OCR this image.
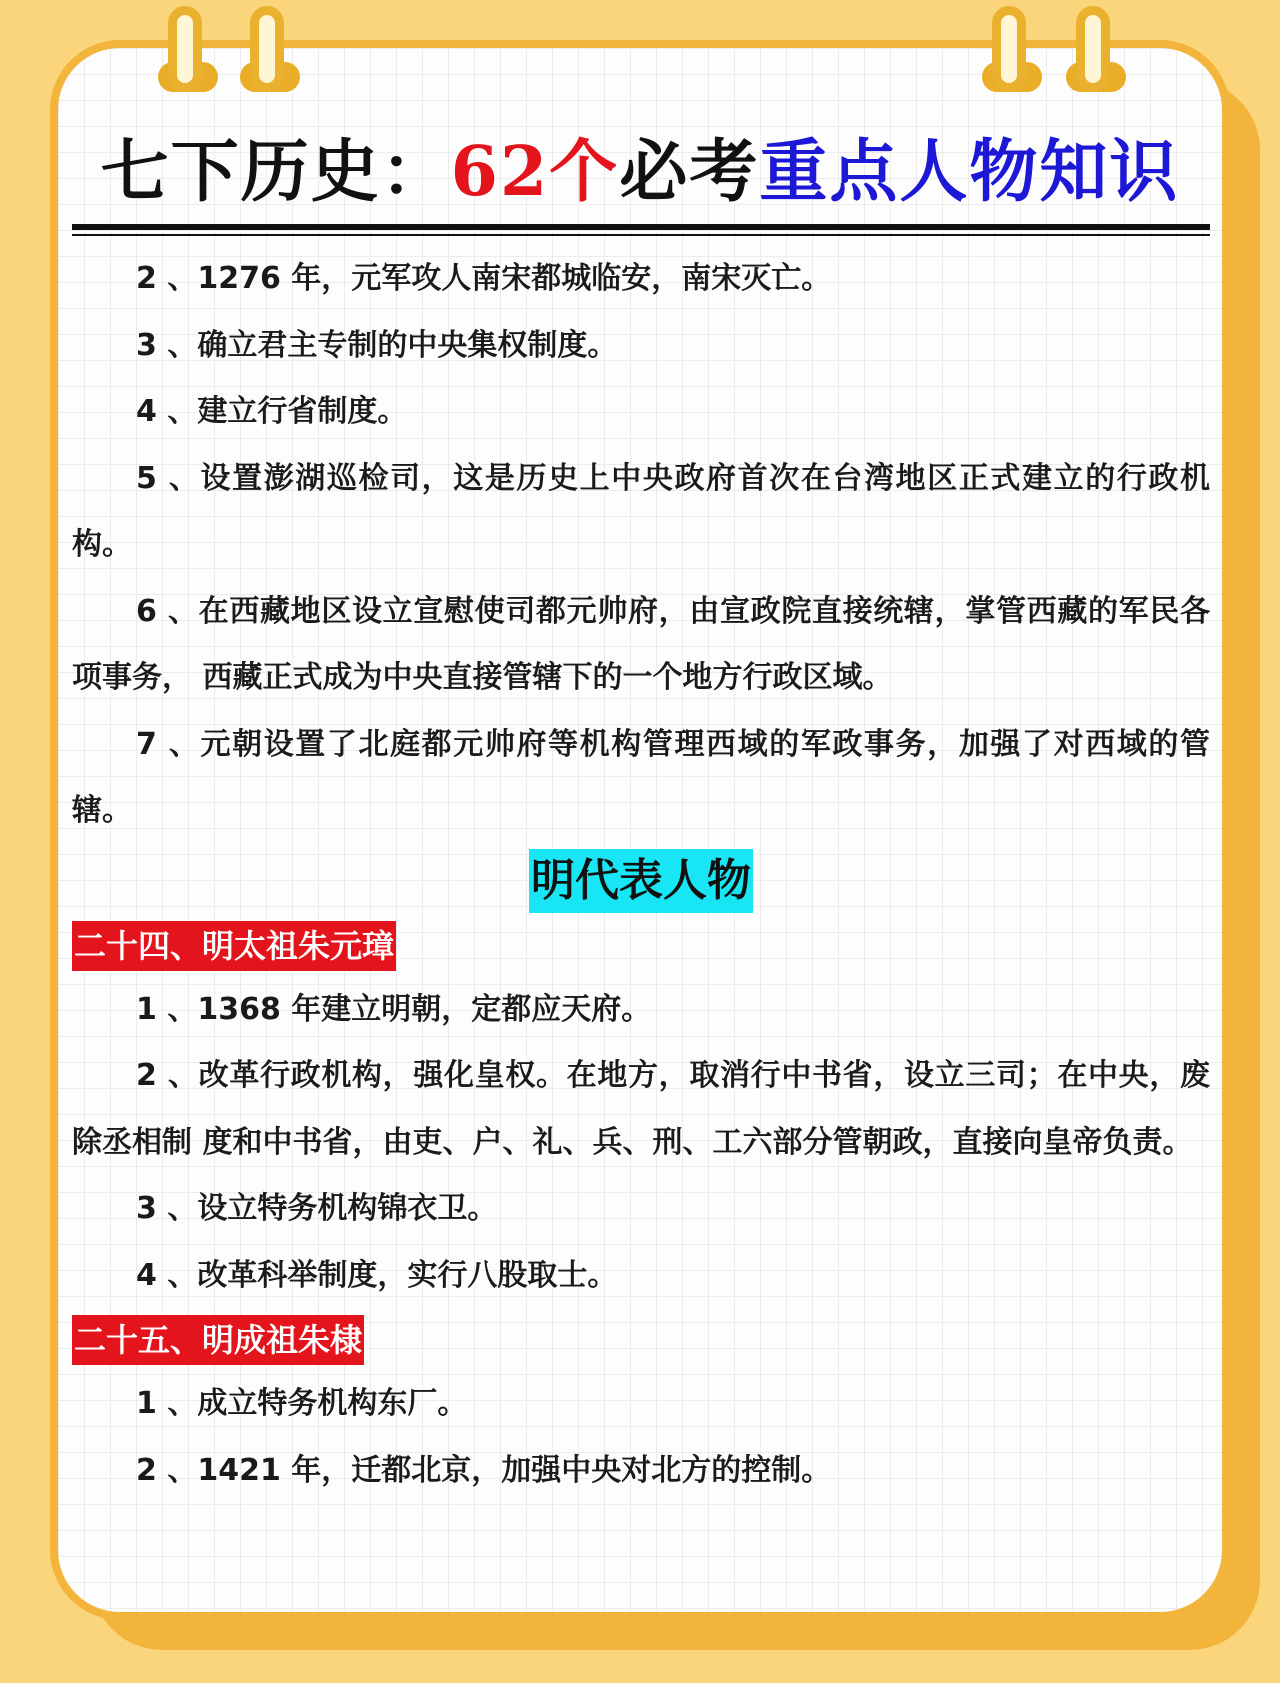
七下历史：62个必考重点人物知识

2 、1276 年，元军攻人南宋都城临安，南宋灭亡。

3 、确立君主专制的中央集权制度。

4 、建立行省制度。

5 、设置澎湖巡检司，这是历史上中央政府首次在台湾地区正式建立的行政机构。

6 、在西藏地区设立宣慰使司都元帅府，由宣政院直接统辖，掌管西藏的军民各项事务， 西藏正式成为中央直接管辖下的一个地方行政区域。

7 、元朝设置了北庭都元帅府等机构管理西域的军政事务，加强了对西域的管辖。

明代表人物

二十四、明太祖朱元璋

1 、1368 年建立明朝，定都应天府。

2 、改革行政机构，强化皇权。在地方，取消行中书省，设立三司；在中央，废除丞相制 度和中书省，由吏、户、礼、兵、刑、工六部分管朝政，直接向皇帝负责。

3 、设立特务机构锦衣卫。

4 、改革科举制度，实行八股取士。

二十五、明成祖朱棣

1 、成立特务机构东厂。

2 、1421 年，迁都北京，加强中央对北方的控制。
